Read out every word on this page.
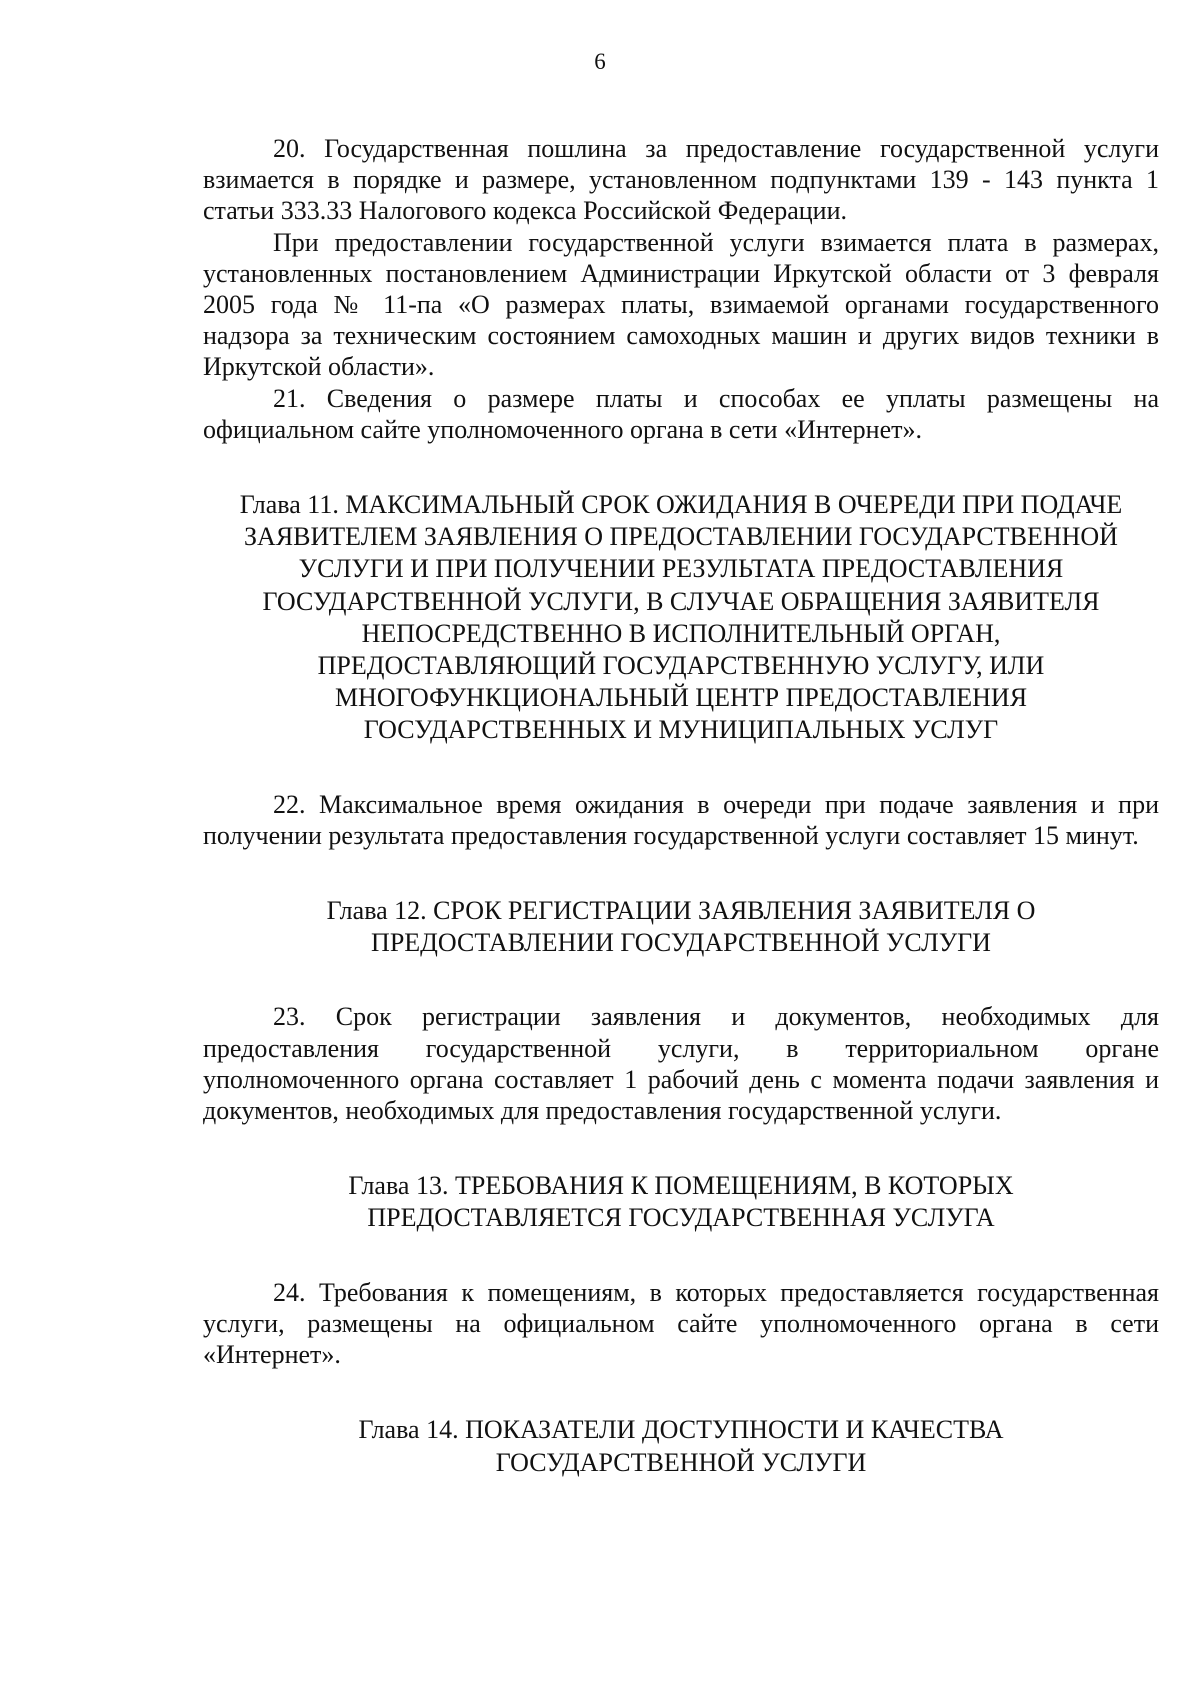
6

20. Государственная пошлина за предоставление государственной услуги взимается в порядке и размере, установленном подпунктами 139 - 143 пункта 1 статьи 333.33 Налогового кодекса Российской Федерации.

При предоставлении государственной услуги взимается плата в размерах, установленных постановлением Администрации Иркутской области от 3 февраля 2005 года № 11-па «О размерах платы, взимаемой органами государственного надзора за техническим состоянием самоходных машин и других видов техники в Иркутской области».

21. Сведения о размере платы и способах ее уплаты размещены на официальном сайте уполномоченного органа в сети «Интернет».

Глава 11. МАКСИМАЛЬНЫЙ СРОК ОЖИДАНИЯ В ОЧЕРЕДИ ПРИ ПОДАЧЕ ЗАЯВИТЕЛЕМ ЗАЯВЛЕНИЯ О ПРЕДОСТАВЛЕНИИ ГОСУДАРСТВЕННОЙ УСЛУГИ И ПРИ ПОЛУЧЕНИИ РЕЗУЛЬТАТА ПРЕДОСТАВЛЕНИЯ ГОСУДАРСТВЕННОЙ УСЛУГИ, В СЛУЧАЕ ОБРАЩЕНИЯ ЗАЯВИТЕЛЯ НЕПОСРЕДСТВЕННО В ИСПОЛНИТЕЛЬНЫЙ ОРГАН, ПРЕДОСТАВЛЯЮЩИЙ ГОСУДАРСТВЕННУЮ УСЛУГУ, ИЛИ МНОГОФУНКЦИОНАЛЬНЫЙ ЦЕНТР ПРЕДОСТАВЛЕНИЯ ГОСУДАРСТВЕННЫХ И МУНИЦИПАЛЬНЫХ УСЛУГ

22. Максимальное время ожидания в очереди при подаче заявления и при получении результата предоставления государственной услуги составляет 15 минут.

Глава 12. СРОК РЕГИСТРАЦИИ ЗАЯВЛЕНИЯ ЗАЯВИТЕЛЯ О ПРЕДОСТАВЛЕНИИ ГОСУДАРСТВЕННОЙ УСЛУГИ

23. Срок регистрации заявления и документов, необходимых для предоставления государственной услуги, в территориальном органе уполномоченного органа составляет 1 рабочий день с момента подачи заявления и документов, необходимых для предоставления государственной услуги.

Глава 13. ТРЕБОВАНИЯ К ПОМЕЩЕНИЯМ, В КОТОРЫХ ПРЕДОСТАВЛЯЕТСЯ ГОСУДАРСТВЕННАЯ УСЛУГА

24. Требования к помещениям, в которых предоставляется государственная услуги, размещены на официальном сайте уполномоченного органа в сети «Интернет».

Глава 14. ПОКАЗАТЕЛИ ДОСТУПНОСТИ И КАЧЕСТВА ГОСУДАРСТВЕННОЙ УСЛУГИ
